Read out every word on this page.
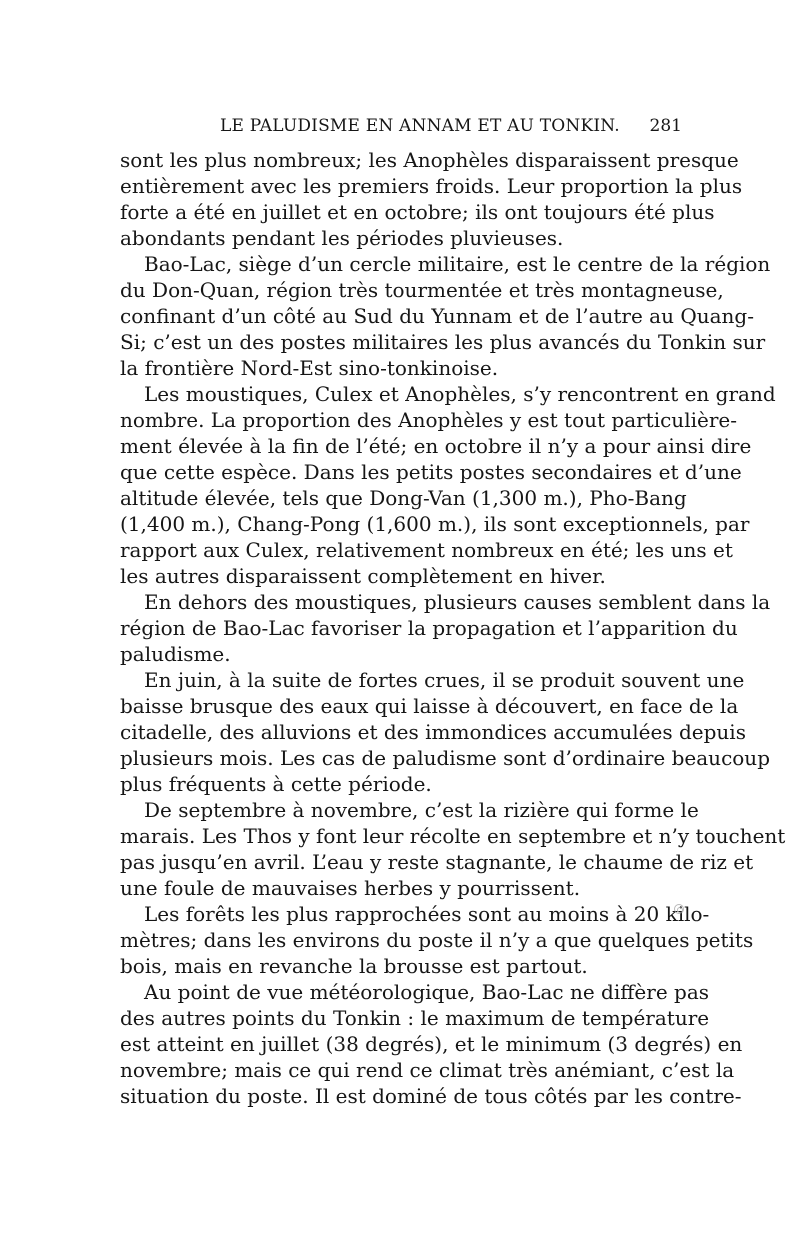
LE PALUDISME EN ANNAM ET AU TONKIN. 281
sont les plus nombreux; les Anophèles disparaissent presque
entièrement avec les premiers froids. Leur proportion la plus
forte a été en juillet et en octobre; ils ont toujours été plus
abondants pendant les périodes pluvieuses.
Bao-Lac, siège d’un cercle militaire, est le centre de la région
du Don-Quan, région très tourmentée et très montagneuse,
confinant d’un côté au Sud du Yunnam et de l’autre au Quang-
Si; c’est un des postes militaires les plus avancés du Tonkin sur
la frontière Nord-Est sino-tonkinoise.
Les moustiques, Culex et Anophèles, s’y rencontrent en grand
nombre. La proportion des Anophèles y est tout particulière-
ment élevée à la fin de l’été; en octobre il n’y a pour ainsi dire
que cette espèce. Dans les petits postes secondaires et d’une
altitude élevée, tels que Dong-Van (1,300 m.), Pho-Bang
(1,400 m.), Chang-Pong (1,600 m.), ils sont exceptionnels, par
rapport aux Culex, relativement nombreux en été; les uns et
les autres disparaissent complètement en hiver.
En dehors des moustiques, plusieurs causes semblent dans la
région de Bao-Lac favoriser la propagation et l’apparition du
paludisme.
En juin, à la suite de fortes crues, il se produit souvent une
baisse brusque des eaux qui laisse à découvert, en face de la
citadelle, des alluvions et des immondices accumulées depuis
plusieurs mois. Les cas de paludisme sont d’ordinaire beaucoup
plus fréquents à cette période.
De septembre à novembre, c’est la rizière qui forme le
marais. Les Thos y font leur récolte en septembre et n’y touchent
pas jusqu’en avril. L’eau y reste stagnante, le chaume de riz et
une foule de mauvaises herbes y pourrissent.
Les forêts les plus rapprochées sont au moins à 20 kilo-
mètres; dans les environs du poste il n’y a que quelques petits
bois, mais en revanche la brousse est partout.
Au point de vue météorologique, Bao-Lac ne diffère pas
des autres points du Tonkin : le maximum de température
est atteint en juillet (38 degrés), et le minimum (3 degrés) en
novembre; mais ce qui rend ce climat très anémiant, c’est la
situation du poste. Il est dominé de tous côtés par les contre-
